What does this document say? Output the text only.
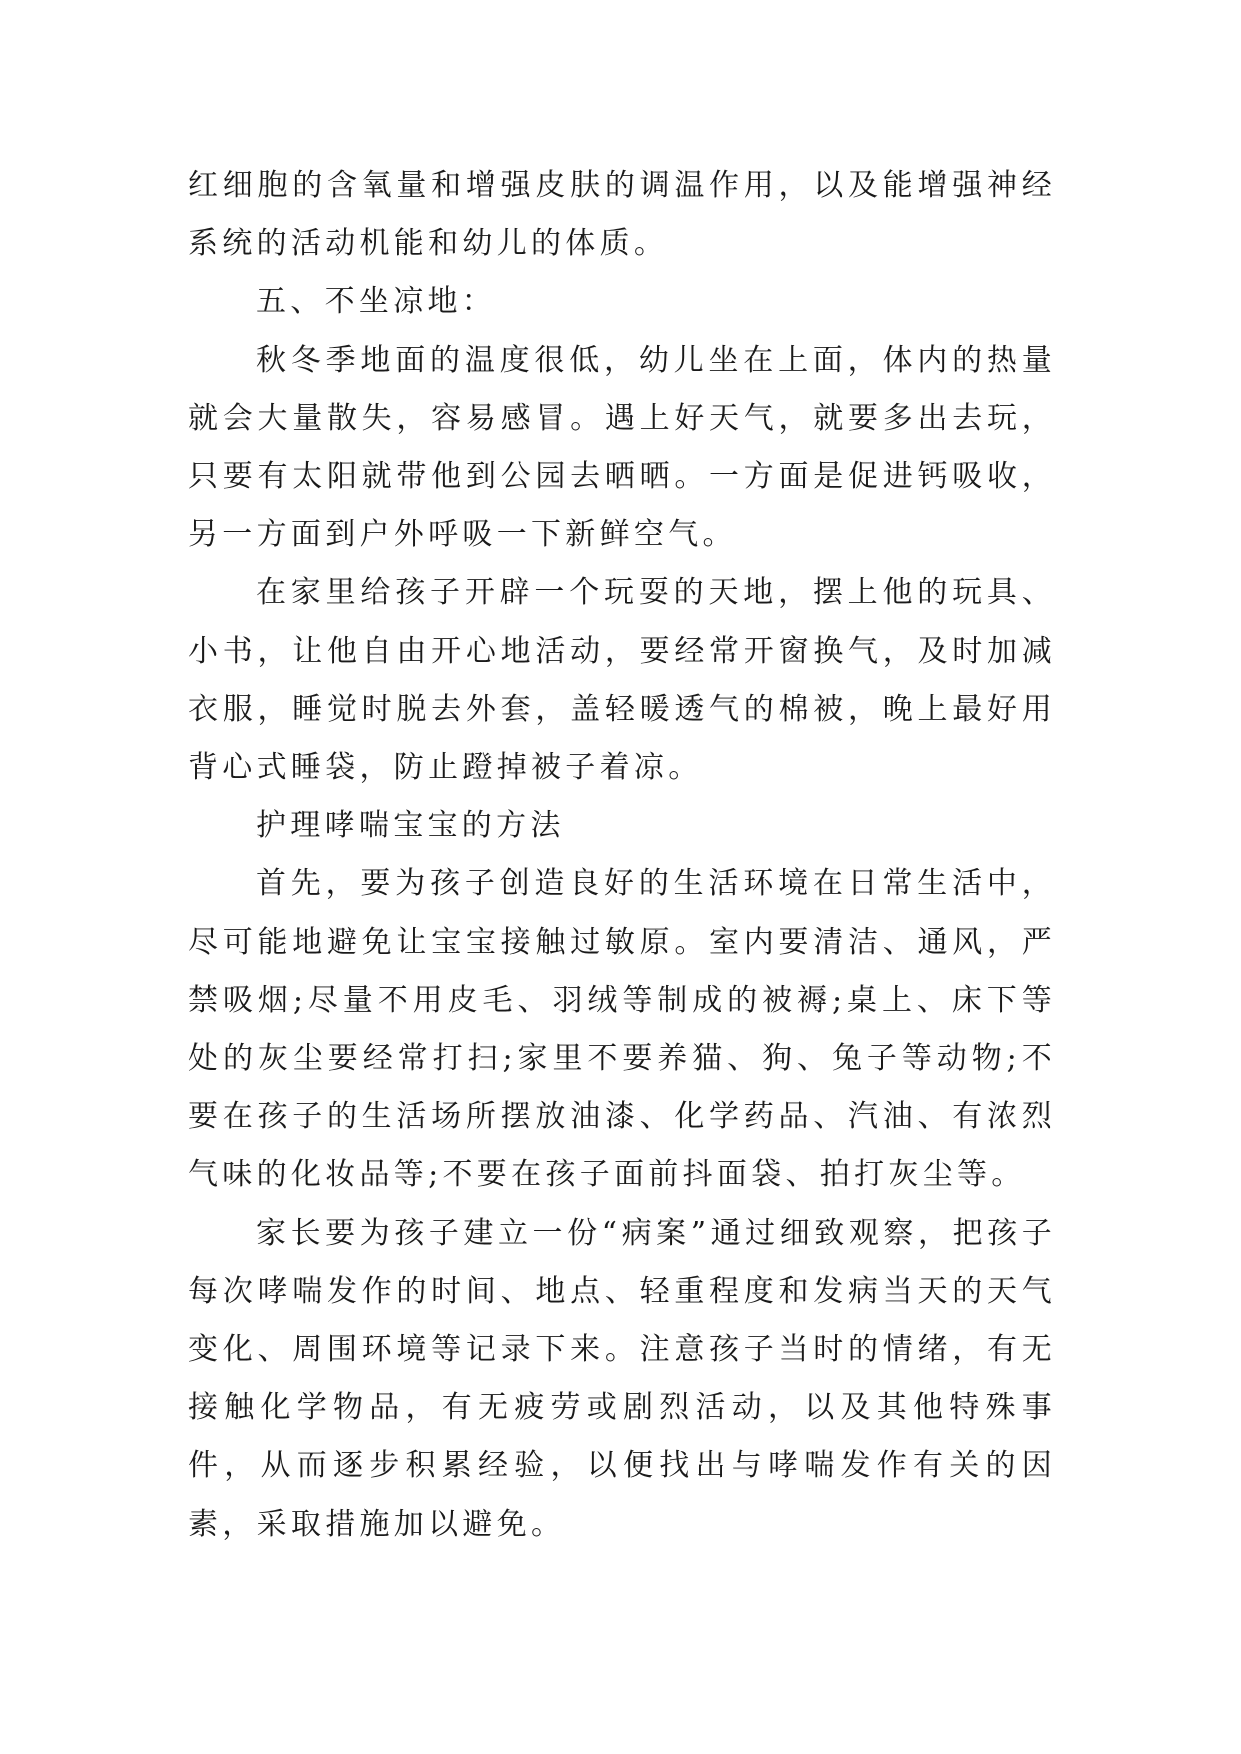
红细胞的含氧量和增强皮肤的调温作用，以及能增强神经系统的活动机能和幼儿的体质。

五、不坐凉地：

秋冬季地面的温度很低，幼儿坐在上面，体内的热量就会大量散失，容易感冒。遇上好天气，就要多出去玩，只要有太阳就带他到公园去晒晒。一方面是促进钙吸收，另一方面到户外呼吸一下新鲜空气。

在家里给孩子开辟一个玩耍的天地，摆上他的玩具、小书，让他自由开心地活动，要经常开窗换气，及时加减衣服，睡觉时脱去外套，盖轻暖透气的棉被，晚上最好用背心式睡袋，防止蹬掉被子着凉。

护理哮喘宝宝的方法

首先，要为孩子创造良好的生活环境在日常生活中，尽可能地避免让宝宝接触过敏原。室内要清洁、通风，严禁吸烟;尽量不用皮毛、羽绒等制成的被褥;桌上、床下等处的灰尘要经常打扫;家里不要养猫、狗、兔子等动物;不要在孩子的生活场所摆放油漆、化学药品、汽油、有浓烈气味的化妆品等;不要在孩子面前抖面袋、拍打灰尘等。

家长要为孩子建立一份“病案”通过细致观察，把孩子每次哮喘发作的时间、地点、轻重程度和发病当天的天气变化、周围环境等记录下来。注意孩子当时的情绪，有无接触化学物品，有无疲劳或剧烈活动，以及其他特殊事件，从而逐步积累经验，以便找出与哮喘发作有关的因素，采取措施加以避免。
